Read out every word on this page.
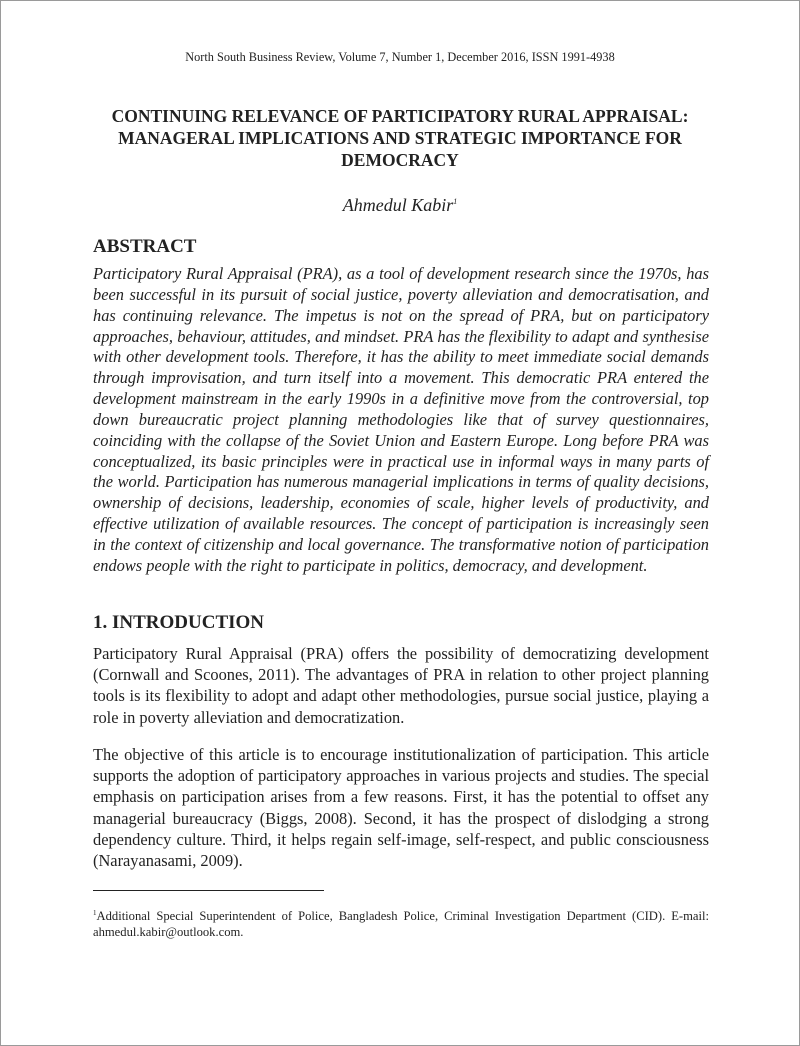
North South Business Review, Volume 7, Number 1, December 2016, ISSN 1991-4938
CONTINUING RELEVANCE OF PARTICIPATORY RURAL APPRAISAL: MANAGERAL IMPLICATIONS AND STRATEGIC IMPORTANCE FOR DEMOCRACY
Ahmedul Kabir$^1$
ABSTRACT

Participatory Rural Appraisal (PRA), as a tool of development research since the 1970s, has been successful in its pursuit of social justice, poverty alleviation and democratisation, and has continuing relevance. The impetus is not on the spread of PRA, but on participatory approaches, behaviour, attitudes, and mindset. PRA has the flexibility to adapt and synthesise with other development tools. Therefore, it has the ability to meet immediate social demands through improvisation, and turn itself into a movement. This democratic PRA entered the development mainstream in the early 1990s in a definitive move from the controversial, top down bureaucratic project planning methodologies like that of survey questionnaires, coinciding with the collapse of the Soviet Union and Eastern Europe. Long before PRA was conceptualized, its basic principles were in practical use in informal ways in many parts of the world. Participation has numerous managerial implications in terms of quality decisions, ownership of decisions, leadership, economies of scale, higher levels of productivity, and effective utilization of available resources. The concept of participation is increasingly seen in the context of citizenship and local governance. The transformative notion of participation endows people with the right to participate in politics, democracy, and development.

1. INTRODUCTION

Participatory Rural Appraisal (PRA) offers the possibility of democratizing development (Cornwall and Scoones, 2011). The advantages of PRA in relation to other project planning tools is its flexibility to adopt and adapt other methodologies, pursue social justice, playing a role in poverty alleviation and democratization.

The objective of this article is to encourage institutionalization of participation. This article supports the adoption of participatory approaches in various projects and studies. The special emphasis on participation arises from a few reasons. First, it has the potential to offset any managerial bureaucracy (Biggs, 2008). Second, it has the prospect of dislodging a strong dependency culture. Third, it helps regain self-image, self-respect, and public consciousness (Narayanasami, 2009).

$^1$Additional Special Superintendent of Police, Bangladesh Police, Criminal Investigation Department (CID). E-mail: ahmedul.kabir@outlook.com.
